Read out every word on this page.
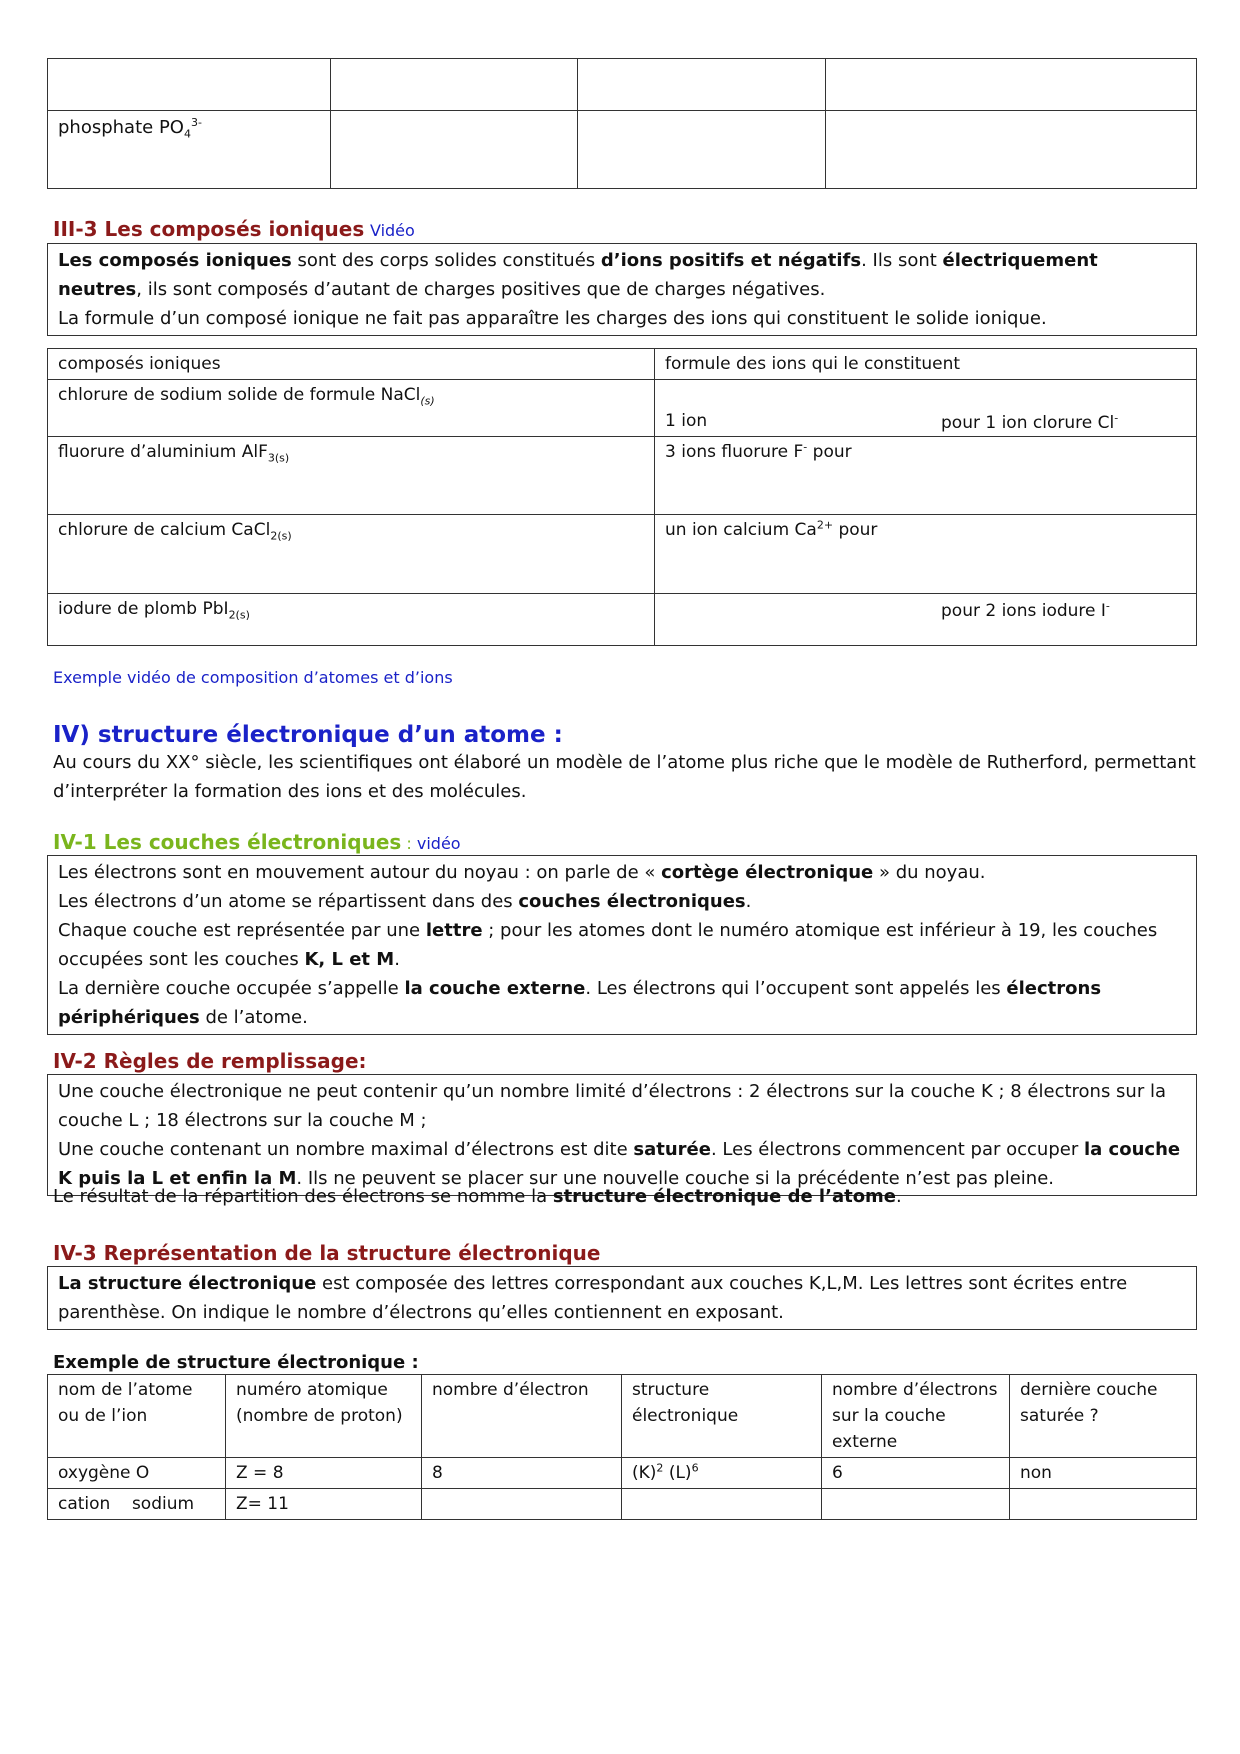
phosphate $PO_4^{3-}$			
III-3 Les composés ioniques Vidéo
Les composés ioniques sont des corps solides constitués d’ions positifs et négatifs. Ils sont électriquement neutres, ils sont composés d’autant de charges positives que de charges négatives.
La formule d’un composé ionique ne fait pas apparaître les charges des ions qui constituent le solide ionique.
composés ioniques	formule des ions qui le constituent
chlorure de sodium solide de formule NaCl$_{(s)}$	1 ion pour 1 ion clorure Cl-

fluorure d’aluminium AlF$_{3(s)}$	3 ions fluorure F- pour
chlorure de calcium CaCl$_{2(s)}$	un ion calcium $Ca^{2+}$ pour
iodure de plomb PbI$_{2(s)}$	pour 2 ions iodure I-
Exemple vidéo de composition d’atomes et d’ions
IV) structure électronique d’un atome :
Au cours du XX° siècle, les scientifiques ont élaboré un modèle de l’atome plus riche que le modèle de Rutherford, permettant d’interpréter la formation des ions et des molécules.
IV-1 Les couches électroniques : vidéo
Les électrons sont en mouvement autour du noyau : on parle de « cortège électronique » du noyau.
Les électrons d’un atome se répartissent dans des couches électroniques.
Chaque couche est représentée par une lettre ; pour les atomes dont le numéro atomique est inférieur à 19, les couches occupées sont les couches K, L et M.
La dernière couche occupée s’appelle la couche externe. Les électrons qui l’occupent sont appelés les électrons périphériques de l’atome.
IV-2 Règles de remplissage:
Une couche électronique ne peut contenir qu’un nombre limité d’électrons : 2 électrons sur la couche K ; 8 électrons sur la couche L ; 18 électrons sur la couche M ;
Une couche contenant un nombre maximal d’électrons est dite saturée. Les électrons commencent par occuper la couche K puis la L et enfin la M. Ils ne peuvent se placer sur une nouvelle couche si la précédente n’est pas pleine.
Le résultat de la répartition des électrons se nomme la structure électronique de l’atome.
IV-3 Représentation de la structure électronique
La structure électronique est composée des lettres correspondant aux couches K,L,M. Les lettres sont écrites entre parenthèse. On indique le nombre d’électrons qu’elles contiennent en exposant.
Exemple de structure électronique :
nom de l’atome ou de l’ion	numéro atomique (nombre de proton)	nombre d’électron	structure électronique	nombre d’électrons sur la couche externe	dernière couche saturée ?
oxygène O	Z = 8	8	$(K)^2$ $(L)^6$	6	non
cation    sodium	Z= 11				
